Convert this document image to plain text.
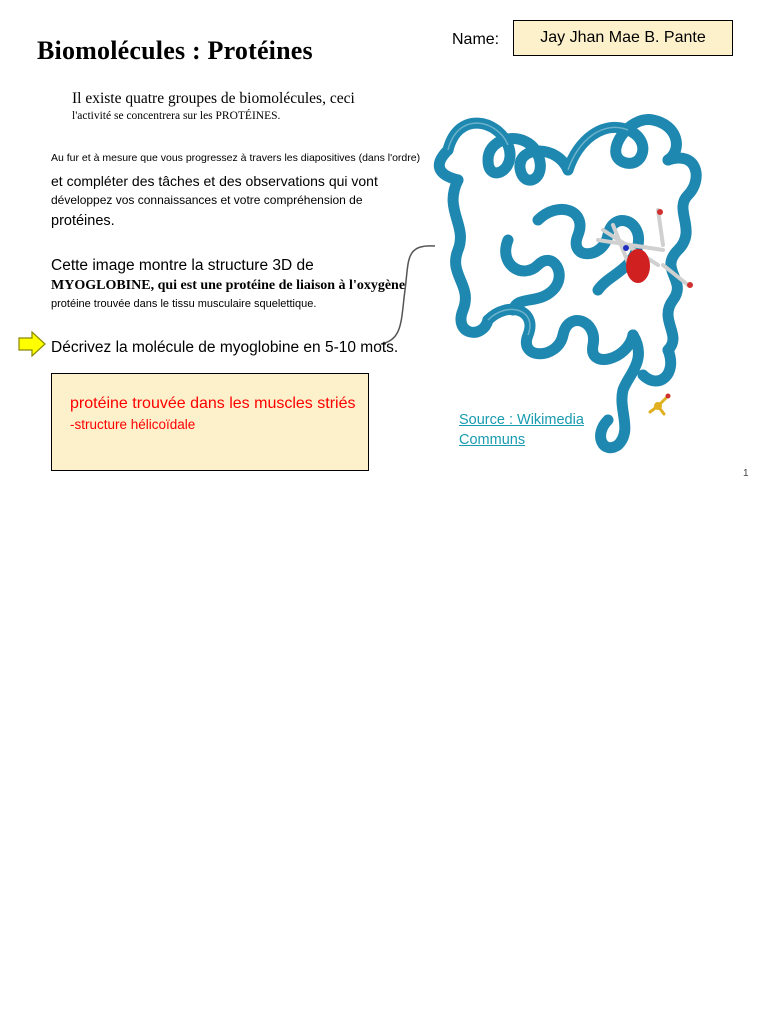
Biomolécules : Protéines	Name:	Jay Jhan Mae B. Pante
Il existe quatre groupes de biomolécules, ceci
l'activité se concentrera sur les PROTÉINES.
Au fur et à mesure que vous progressez à travers les diapositives (dans l'ordre)
et compléter des tâches et des observations qui vont
développez vos connaissances et votre compréhension de
protéines.
Cette image montre la structure 3D de
MYOGLOBINE, qui est une protéine de liaison à l'oxygène
protéine trouvée dans le tissu musculaire squelettique.
Décrivez la molécule de myoglobine en 5-10 mots.
protéine trouvée dans les muscles striés
-structure hélicoïdale	Source : Wikimedia
Communs
1
